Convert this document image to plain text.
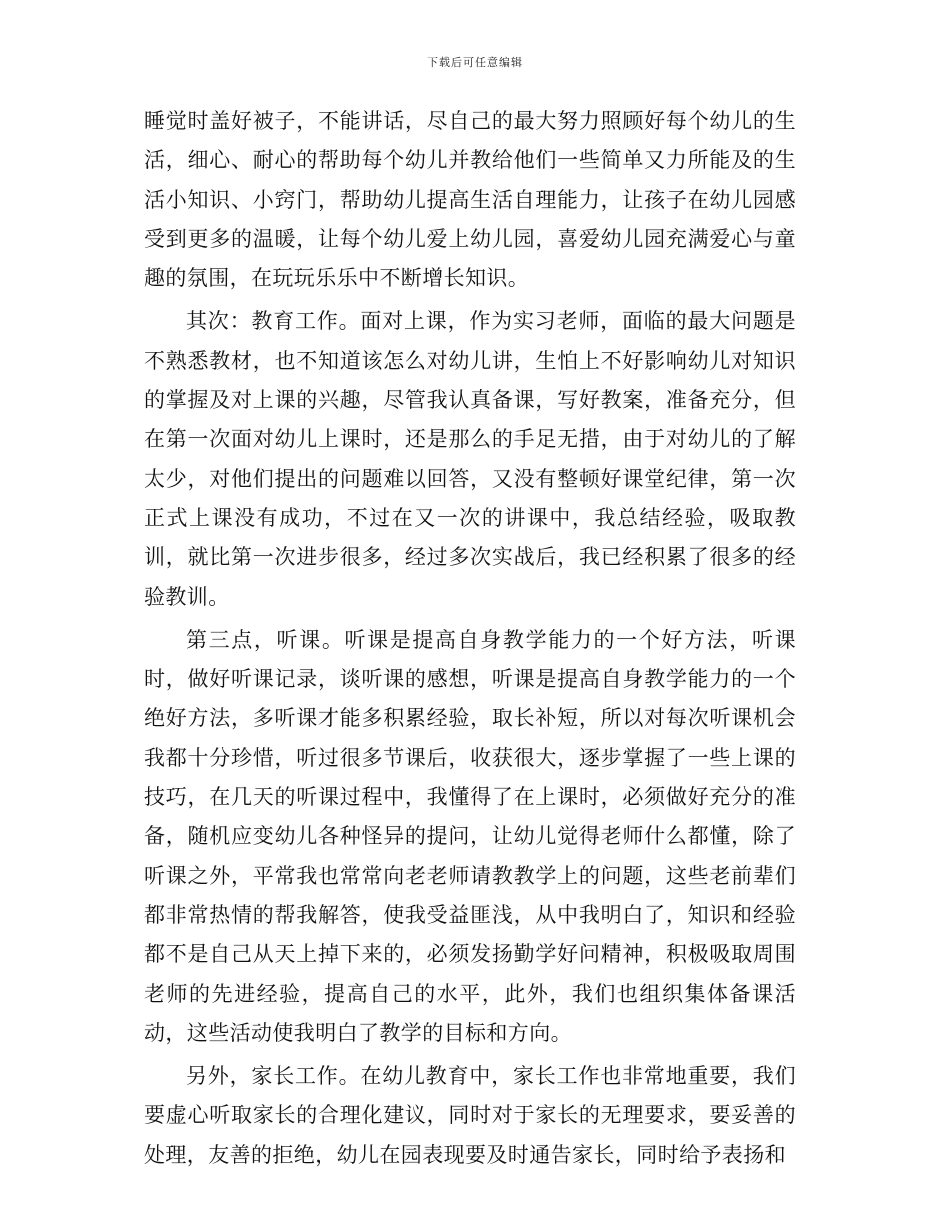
下载后可任意编辑

睡觉时盖好被子，不能讲话，尽自己的最大努力照顾好每个幼儿的生活，细心、耐心的帮助每个幼儿并教给他们一些简单又力所能及的生活小知识、小窍门，帮助幼儿提高生活自理能力，让孩子在幼儿园感受到更多的温暖，让每个幼儿爱上幼儿园，喜爱幼儿园充满爱心与童趣的氛围，在玩玩乐乐中不断增长知识。

其次：教育工作。面对上课，作为实习老师，面临的最大问题是不熟悉教材，也不知道该怎么对幼儿讲，生怕上不好影响幼儿对知识的掌握及对上课的兴趣，尽管我认真备课，写好教案，准备充分，但在第一次面对幼儿上课时，还是那么的手足无措，由于对幼儿的了解太少，对他们提出的问题难以回答，又没有整顿好课堂纪律，第一次正式上课没有成功，不过在又一次的讲课中，我总结经验，吸取教训，就比第一次进步很多，经过多次实战后，我已经积累了很多的经验教训。

第三点，听课。听课是提高自身教学能力的一个好方法，听课时，做好听课记录，谈听课的感想，听课是提高自身教学能力的一个绝好方法，多听课才能多积累经验，取长补短，所以对每次听课机会我都十分珍惜，听过很多节课后，收获很大，逐步掌握了一些上课的技巧，在几天的听课过程中，我懂得了在上课时，必须做好充分的准备，随机应变幼儿各种怪异的提问，让幼儿觉得老师什么都懂，除了听课之外，平常我也常常向老老师请教教学上的问题，这些老前辈们都非常热情的帮我解答，使我受益匪浅，从中我明白了，知识和经验都不是自己从天上掉下来的，必须发扬勤学好问精神，积极吸取周围老师的先进经验，提高自己的水平，此外，我们也组织集体备课活动，这些活动使我明白了教学的目标和方向。

另外，家长工作。在幼儿教育中，家长工作也非常地重要，我们要虚心听取家长的合理化建议，同时对于家长的无理要求，要妥善的处理，友善的拒绝，幼儿在园表现要及时通告家长，同时给予表扬和
